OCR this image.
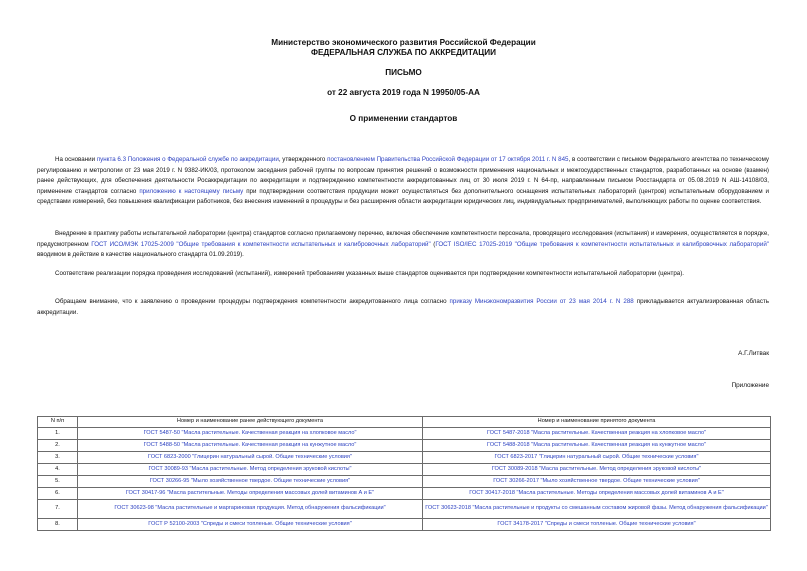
Министерство экономического развития Российской Федерации
ФЕДЕРАЛЬНАЯ СЛУЖБА ПО АККРЕДИТАЦИИ
ПИСЬМО
от 22 августа 2019 года N 19950/05-АА
О применении стандартов
На основании пункта 6.3 Положения о Федеральной службе по аккредитации, утвержденного постановлением Правительства Российской Федерации от 17 октября 2011 г. N 845, в соответствии с письмом Федерального агентства по техническому регулированию и метрологии от 23 мая 2019 г. N 9382-ИК/03, протоколом заседания рабочей группы по вопросам принятия решений о возможности применения национальных и межгосударственных стандартов, разработанных на основе (взамен) ранее действующих, для обеспечения деятельности Росаккредитации по аккредитации и подтверждению компетентности аккредитованных лиц от 30 июля 2019 г. N 64-пр, направленным письмом Росстандарта от 05.08.2019 N АШ-14108/03, применение стандартов согласно приложению к настоящему письму при подтверждении соответствия продукции может осуществляться без дополнительного оснащения испытательных лабораторий (центров) испытательным оборудованием и средствами измерений, без повышения квалификации работников, без внесения изменений в процедуры и без расширения области аккредитации юридических лиц, индивидуальных предпринимателей, выполняющих работы по оценке соответствия.
Внедрение в практику работы испытательной лаборатории (центра) стандартов согласно прилагаемому перечню, включая обеспечение компетентности персонала, проводящего исследования (испытания) и измерения, осуществляется в порядке, предусмотренном ГОСТ ИСО/МЭК 17025-2009 "Общие требования к компетентности испытательных и калибровочных лабораторий" (ГОСТ ISO/IEC 17025-2019 "Общие требования к компетентности испытательных и калибровочных лабораторий" вводимом в действие в качестве национального стандарта 01.09.2019).
Соответствие реализации порядка проведения исследований (испытаний), измерений требованиям указанных выше стандартов оценивается при подтверждении компетентности испытательной лаборатории (центра).
Обращаем внимание, что к заявлению о проведении процедуры подтверждения компетентности аккредитованного лица согласно приказу Минэкономразвития России от 23 мая 2014 г. N 288 прикладывается актуализированная область аккредитации.
А.Г.Литвак
Приложение
N п/п	Номер и наименование ранее действующего документа	Номер и наименование принятого документа
1.	ГОСТ 5487-50 "Масла растительные. Качественная реакция на хлопковое масло"	ГОСТ 5487-2018 "Масла растительные. Качественная реакция на хлопковое масло"
2.	ГОСТ 5488-50 "Масла растительные. Качественная реакция на кунжутное масло"	ГОСТ 5488-2018 "Масла растительные. Качественная реакция на кунжутное масло"
3.	ГОСТ 6823-2000 "Глицерин натуральный сырой. Общие технические условия"	ГОСТ 6823-2017 "Глицерин натуральный сырой. Общие технические условия"
4.	ГОСТ 30089-93 "Масла растительные. Метод определения эруковой кислоты"	ГОСТ 30089-2018 "Масла растительные. Метод определения эруковой кислоты"
5.	ГОСТ 30266-95 "Мыло хозяйственное твердое. Общие технические условия"	ГОСТ 30266-2017 "Мыло хозяйственное твердое. Общие технические условия"
6.	ГОСТ 30417-96 "Масла растительные. Методы определения массовых долей витаминов А и Е"	ГОСТ 30417-2018 "Масла растительные. Методы определения массовых долей витаминов А и Е"
7.	ГОСТ 30623-98 "Масла растительные и маргариновая продукция. Метод обнаружения фальсификации"	ГОСТ 30623-2018 "Масла растительные и продукты со смешанным составом жировой фазы. Метод обнаружения фальсификации"
8.	ГОСТ Р 52100-2003 "Спреды и смеси топленые. Общие технические условия"	ГОСТ 34178-2017 "Спреды и смеси топленые. Общие технические условия"
